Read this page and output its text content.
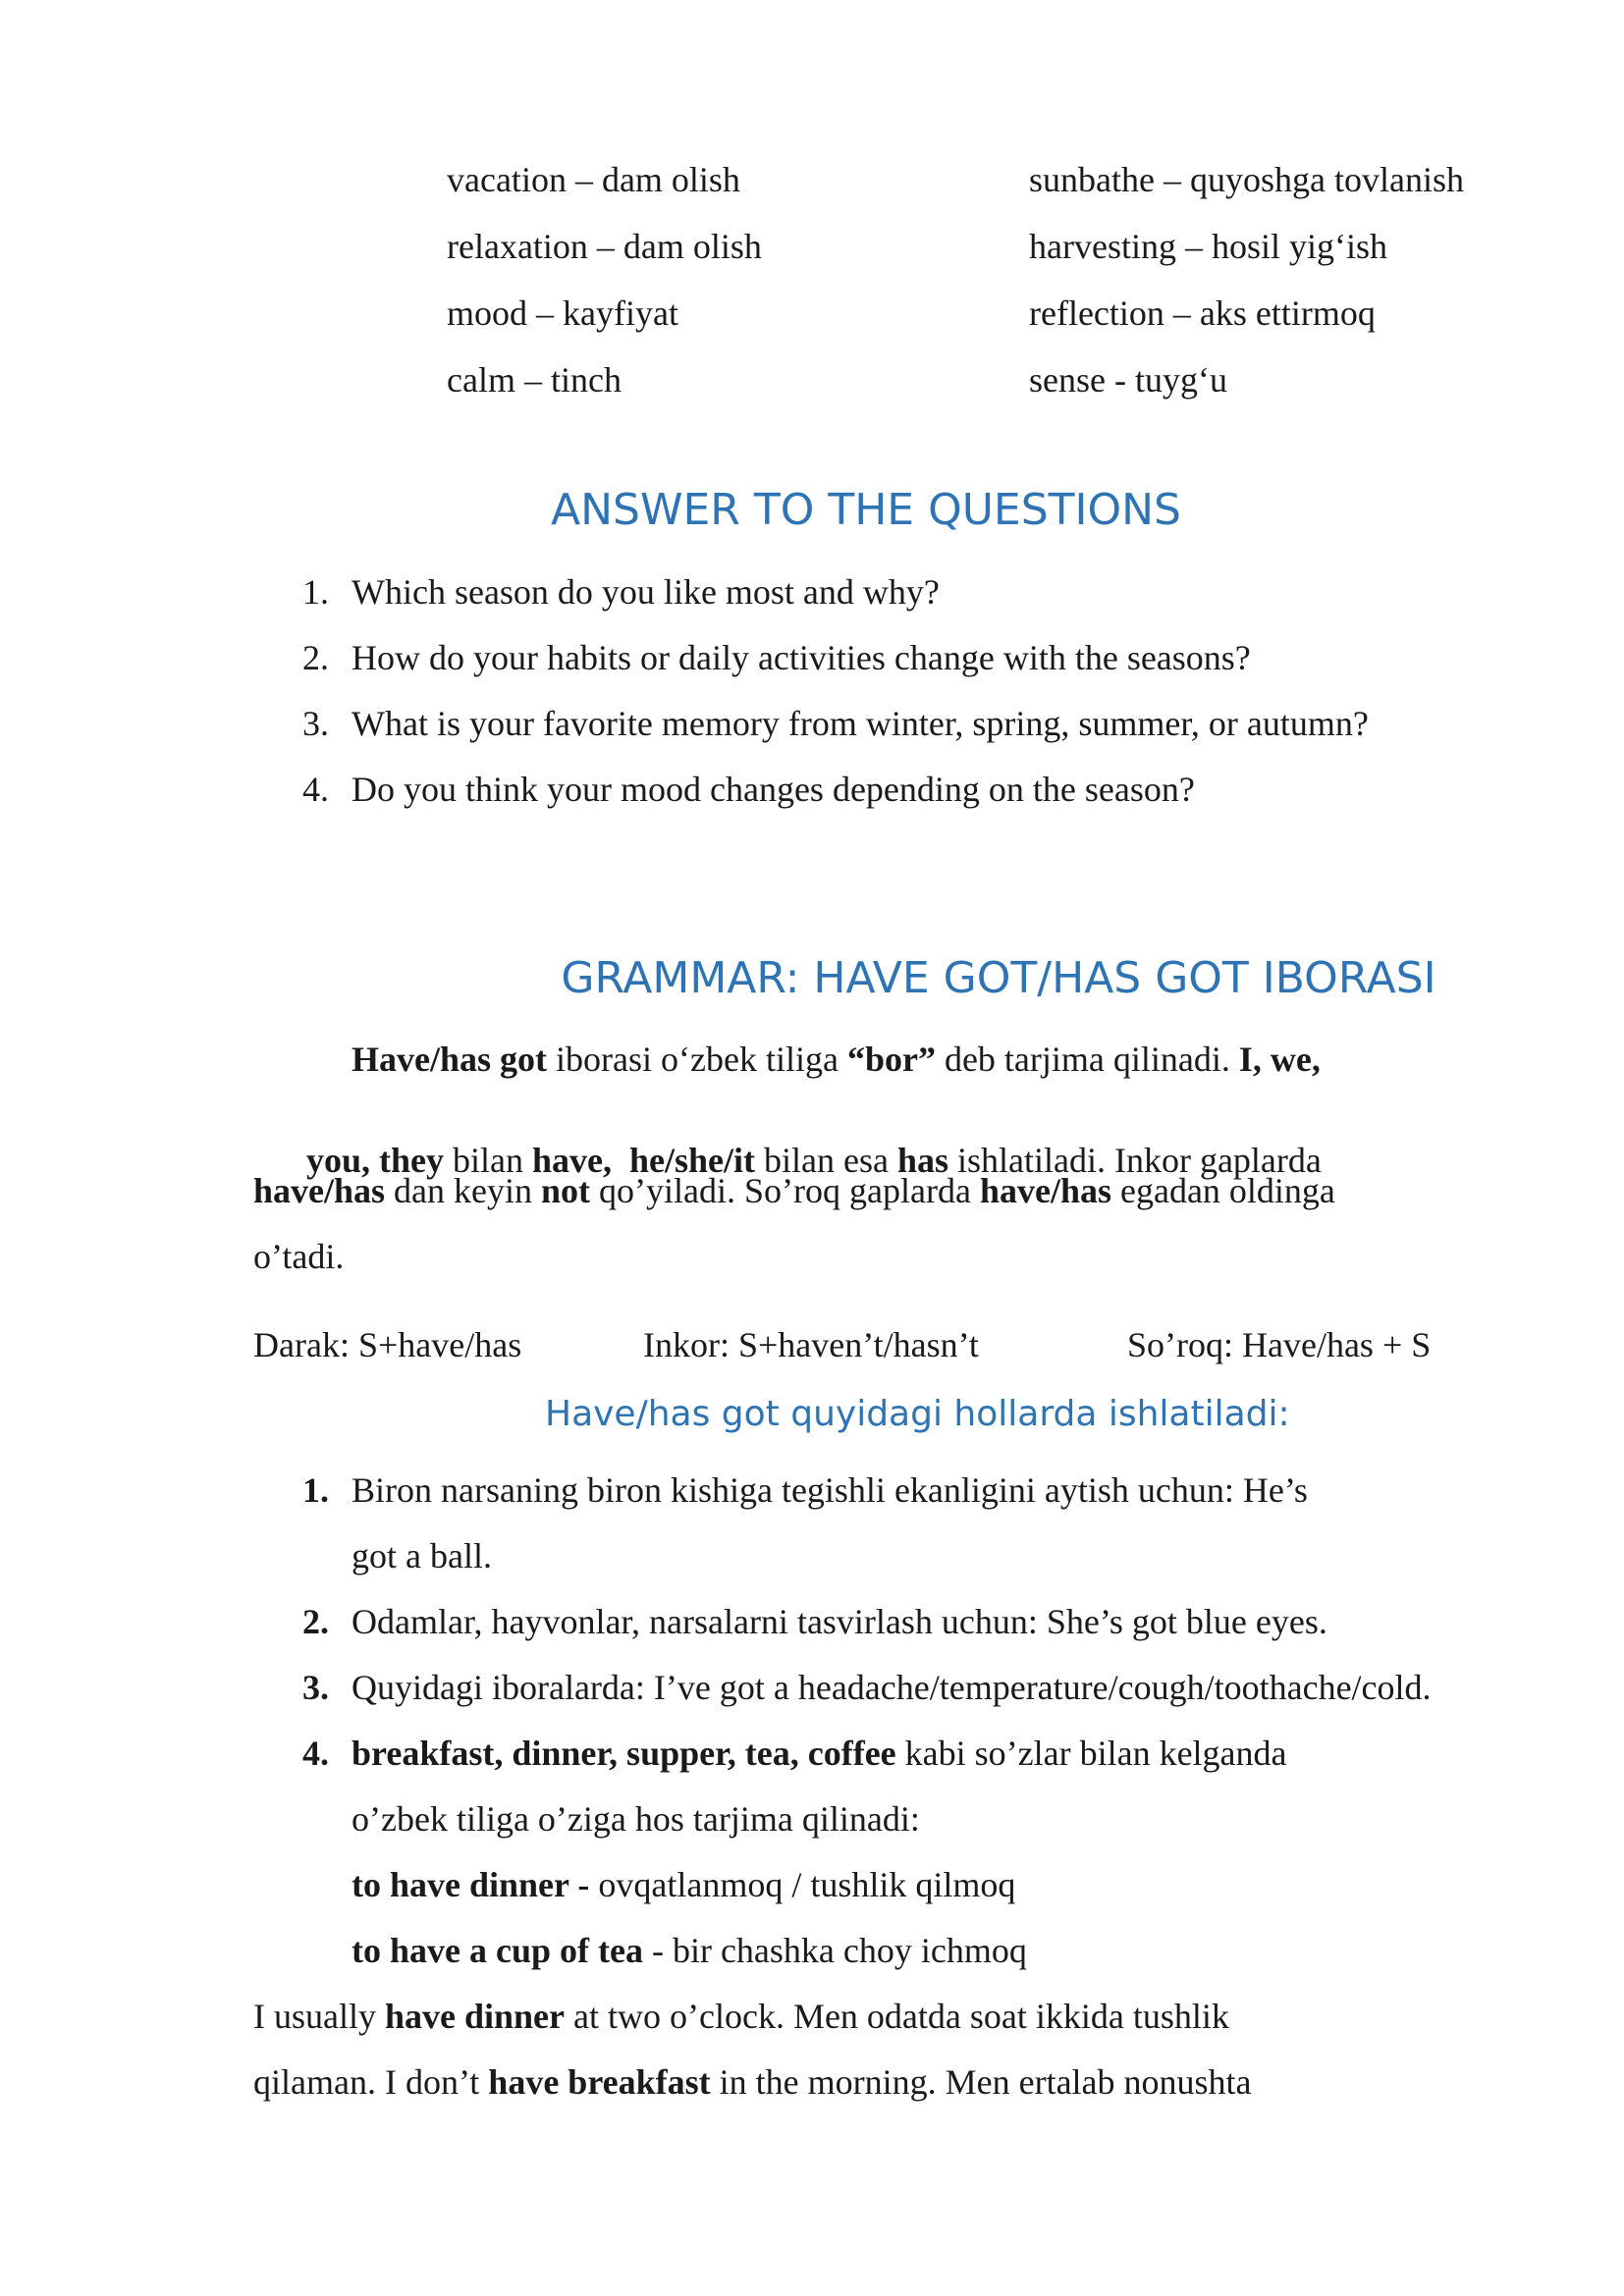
vacation – dam olish
relaxation – dam olish
mood – kayfiyat
calm – tinch
sunbathe – quyoshga tovlanish
harvesting – hosil yig‘ish
reflection – aks ettirmoq
sense - tuyg‘u
ANSWER TO THE QUESTIONS
1. Which season do you like most and why?
2. How do your habits or daily activities change with the seasons?
3. What is your favorite memory from winter, spring, summer, or autumn?
4. Do you think your mood changes depending on the season?
GRAMMAR: HAVE GOT/HAS GOT IBORASI
Have/has got iborasi o‘zbek tiligа “bor” deb tarjima qilinadi. I, we,

you, they bilan have, he/she/it bilan esa has ishlatiladi. Inkor gaplarda

have/has dan keyin not qo’yiladi. So’roq gaplarda have/has egadan oldinga
o’tadi.
Darak: S+have/has	Inkor: S+haven’t/hasn’t	So’roq: Have/has + S
Have/has got quyidagi hollarda ishlatiladi:
1. Biron narsaning biron kishiga tegishli ekanligini aytish uchun: He’s
got a ball.
2. Odamlar, hayvonlar, narsalarni tasvirlash uchun: She’s got blue eyes.
3. Quyidagi iboralarda: I’ve got a headache/temperature/cough/toothache/cold.
4. breakfast, dinner, supper, tea, coffee kabi so’zlar bilan kelganda
o’zbek tiligа o’ziga hos tarjima qilinadi:
to have dinner - ovqatlanmoq / tushlik qilmoq
to have a cup of tea - bir chashka choy ichmoq
I usually have dinner at two o’clock. Men odatda soat ikkida tushlik
qilaman. I don’t have breakfast in the morning. Men ertalab nonushta
